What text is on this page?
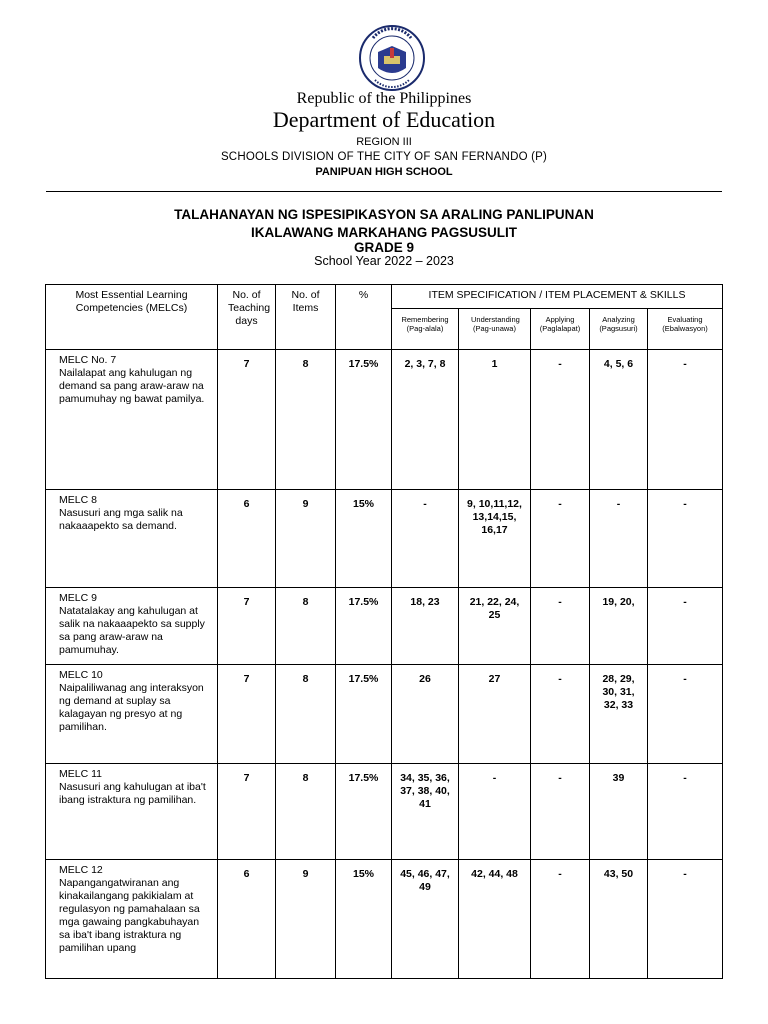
Republic of the Philippines
Department of Education
REGION III
SCHOOLS DIVISION OF THE CITY OF SAN FERNANDO (P)
PANIPUAN HIGH SCHOOL
TALAHANAYAN NG ISPESIPIKASYON SA ARALING PANLIPUNAN
IKALAWANG MARKAHANG PAGSUSULIT
GRADE 9
School Year 2022 – 2023
Most Essential Learning Competencies (MELCs)	No. of Teaching days	No. of Items	%	ITEM SPECIFICATION / ITEM PLACEMENT & SKILLS				
				Remembering (Pag-alala)	Understanding (Pag-unawa)	Applying (Paglalapat)	Analyzing (Pagsusuri)	Evaluating (Ebalwasyon)

MELC No. 7
Nailalapat ang kahulugan ng demand sa pang araw-araw na pamumuhay ng bawat pamilya.	7	8	17.5%	2, 3, 7, 8	1	-	4, 5, 6	-

MELC 8
Nasusuri ang mga salik na nakaaapekto sa demand.	6	9	15%	-	9, 10,11,12, 13,14,15, 16,17	-	-	-

MELC 9
Natatalakay ang kahulugan at salik na nakaaapekto sa supply sa pang araw-araw na pamumuhay.	7	8	17.5%	18, 23	21, 22, 24, 25	-	19, 20,	-

MELC 10
Naipaliliwanag ang interaksyon ng demand at suplay sa kalagayan ng presyo at ng pamilihan.	7	8	17.5%	26	27	-	28, 29, 30, 31, 32, 33	-

MELC 11
Nasusuri ang kahulugan at iba't ibang istraktura ng pamilihan.	7	8	17.5%	34, 35, 36, 37, 38, 40, 41	-	-	39	-

MELC 12
Napangangatwiranan ang kinakailangang pakikialam at regulasyon ng pamahalaan sa mga gawaing pangkabuhayan sa iba't ibang istraktura ng pamilihan upang	6	9	15%	45, 46, 47, 49	42, 44, 48	-	43, 50	-
